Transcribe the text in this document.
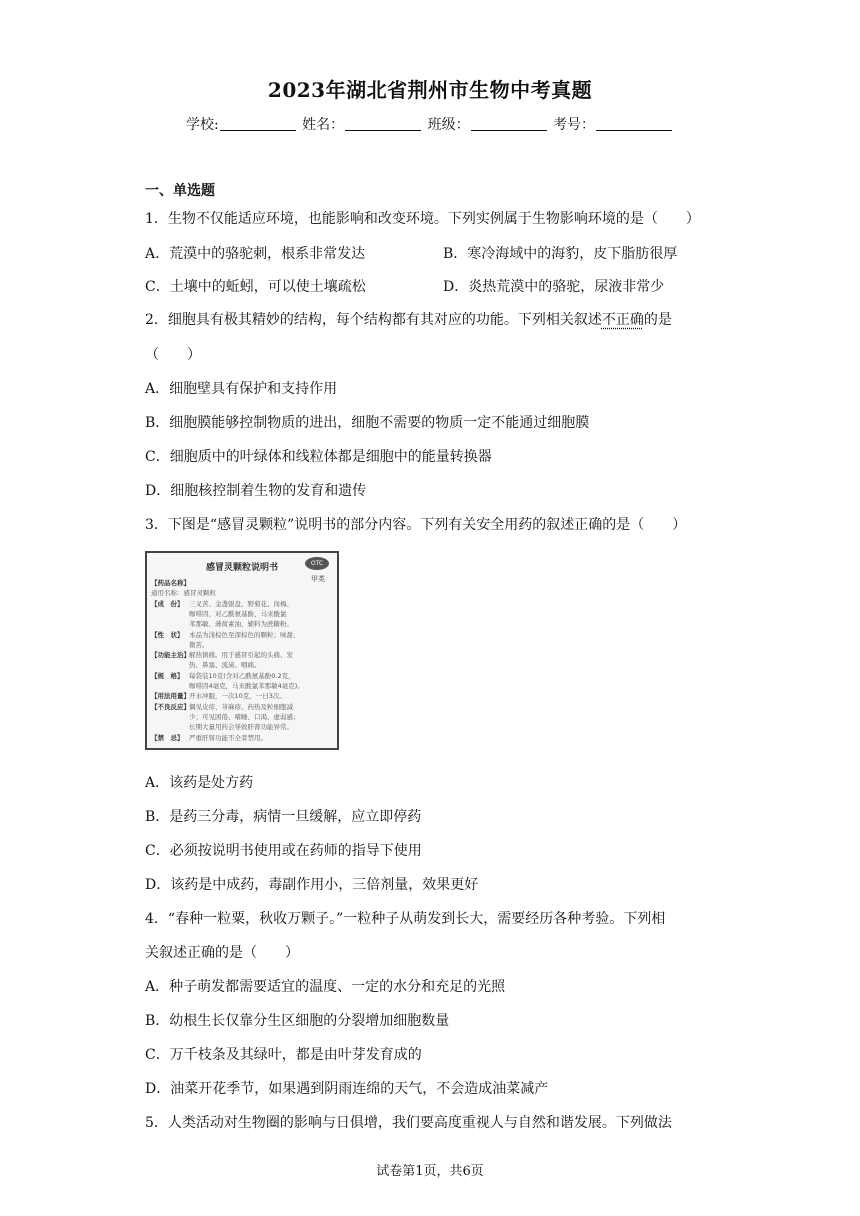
2023年湖北省荆州市生物中考真题
学校:	姓名：	班级：	考号：
一、单选题
1．生物不仅能适应环境，也能影响和改变环境。下列实例属于生物影响环境的是（　　）
A．荒漠中的骆驼刺，根系非常发达	B．寒冷海域中的海豹，皮下脂肪很厚
C．土壤中的蚯蚓，可以使土壤疏松	D．炎热荒漠中的骆驼，尿液非常少
2．细胞具有极其精妙的结构，每个结构都有其对应的功能。下列相关叙述不正确的是
（　　）
A．细胞壁具有保护和支持作用
B．细胞膜能够控制物质的进出，细胞不需要的物质一定不能通过细胞膜
C．细胞质中的叶绿体和线粒体都是细胞中的能量转换器
D．细胞核控制着生物的发育和遗传
3．下图是“感冒灵颗粒”说明书的部分内容。下列有关安全用药的叙述正确的是（　　）
感冒灵颗粒说明书	OTC
甲类
【药品名称】
通用名称：感冒灵颗粒
【成　份】 三叉苦、金盏银盘、野菊花、岗梅、
咖啡因、对乙酰氨基酚、马来酸氯
苯那敏、薄荷素油，辅料为蔗糖粉。
【性　状】 本品为浅棕色至深棕色的颗粒；味甜、
微苦。
【功能主治】解热镇痛。用于感冒引起的头痛、发
热、鼻塞、流涕、咽痛。
【规　格】 每袋装10克(含对乙酰氨基酚0.2克，
咖啡因4毫克，马来酸氯苯那敏4毫克)。
【用法用量】开水冲服，一次10克，一日3次。
【不良反应】偶见皮疹、荨麻疹、药热及粒细胞减
少；可见困倦、嗜睡、口渴、虚弱感；
长期大量用药会导致肝肾功能异常。
【禁　忌】 严重肝肾功能不全者禁用。
A．该药是处方药
B．是药三分毒，病情一旦缓解，应立即停药
C．必须按说明书使用或在药师的指导下使用
D．该药是中成药，毒副作用小，三倍剂量，效果更好
4．“春种一粒粟，秋收万颗子。”一粒种子从萌发到长大，需要经历各种考验。下列相
关叙述正确的是（　　）
A．种子萌发都需要适宜的温度、一定的水分和充足的光照
B．幼根生长仅靠分生区细胞的分裂增加细胞数量
C．万千枝条及其绿叶，都是由叶芽发育成的
D．油菜开花季节，如果遇到阴雨连绵的天气，不会造成油菜减产
5．人类活动对生物圈的影响与日俱增，我们要高度重视人与自然和谐发展。下列做法
试卷第1页，共6页
